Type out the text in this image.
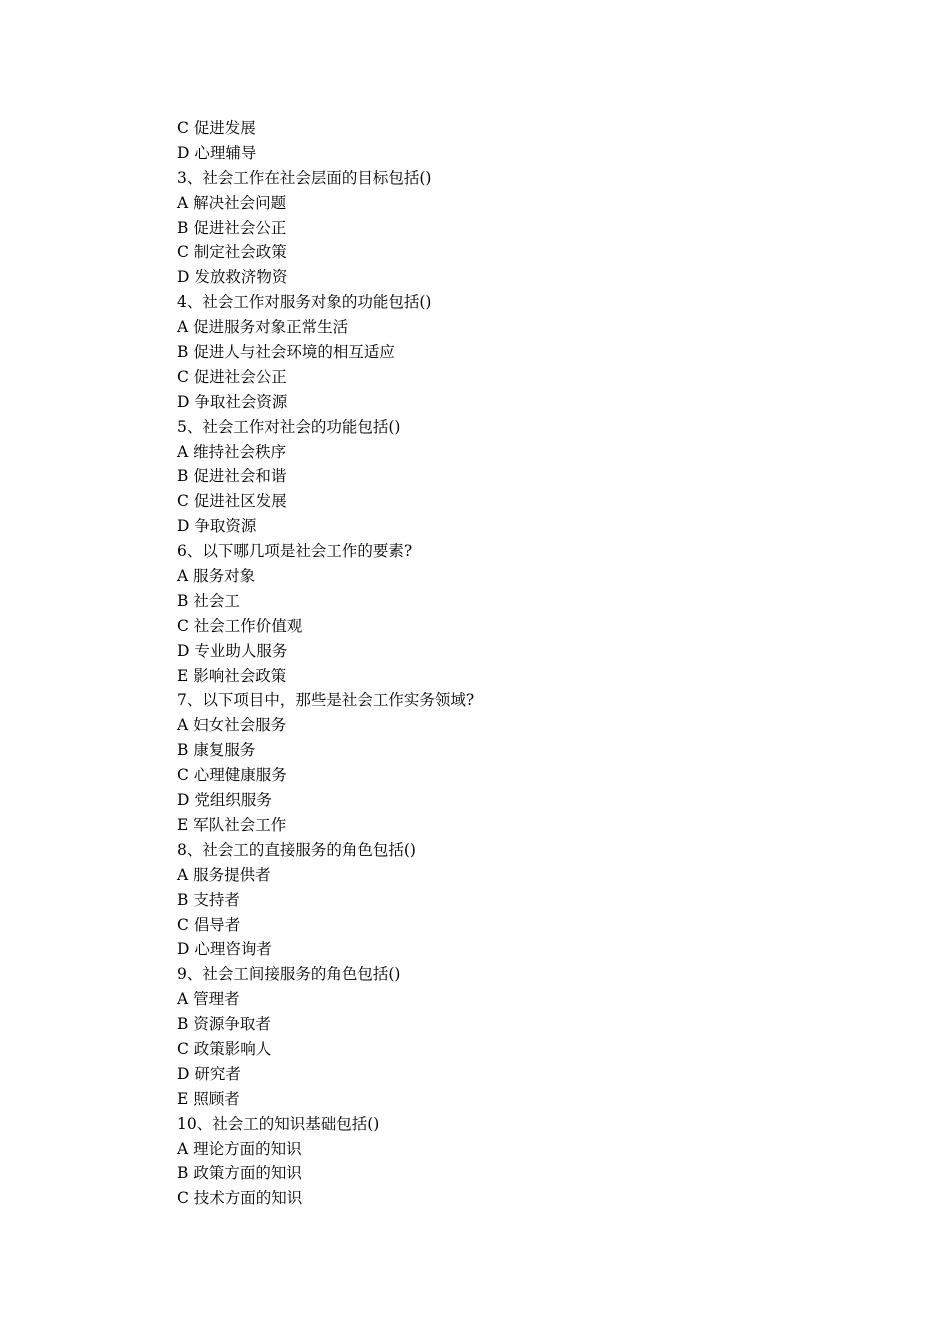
C 促进发展
D 心理辅导
3、社会工作在社会层面的目标包括()
A 解决社会问题
B 促进社会公正
C 制定社会政策
D 发放救济物资
4、社会工作对服务对象的功能包括()
A 促进服务对象正常生活
B 促进人与社会环境的相互适应
C 促进社会公正
D 争取社会资源
5、社会工作对社会的功能包括()
A 维持社会秩序
B 促进社会和谐
C 促进社区发展
D 争取资源
6、以下哪几项是社会工作的要素?
A 服务对象
B 社会工
C 社会工作价值观
D 专业助人服务
E 影响社会政策
7、以下项目中，那些是社会工作实务领域?
A 妇女社会服务
B 康复服务
C 心理健康服务
D 党组织服务
E 军队社会工作
8、社会工的直接服务的角色包括()
A 服务提供者
B 支持者
C 倡导者
D 心理咨询者
9、社会工间接服务的角色包括()
A 管理者
B 资源争取者
C 政策影响人
D 研究者
E 照顾者
10、社会工的知识基础包括()
A 理论方面的知识
B 政策方面的知识
C 技术方面的知识
